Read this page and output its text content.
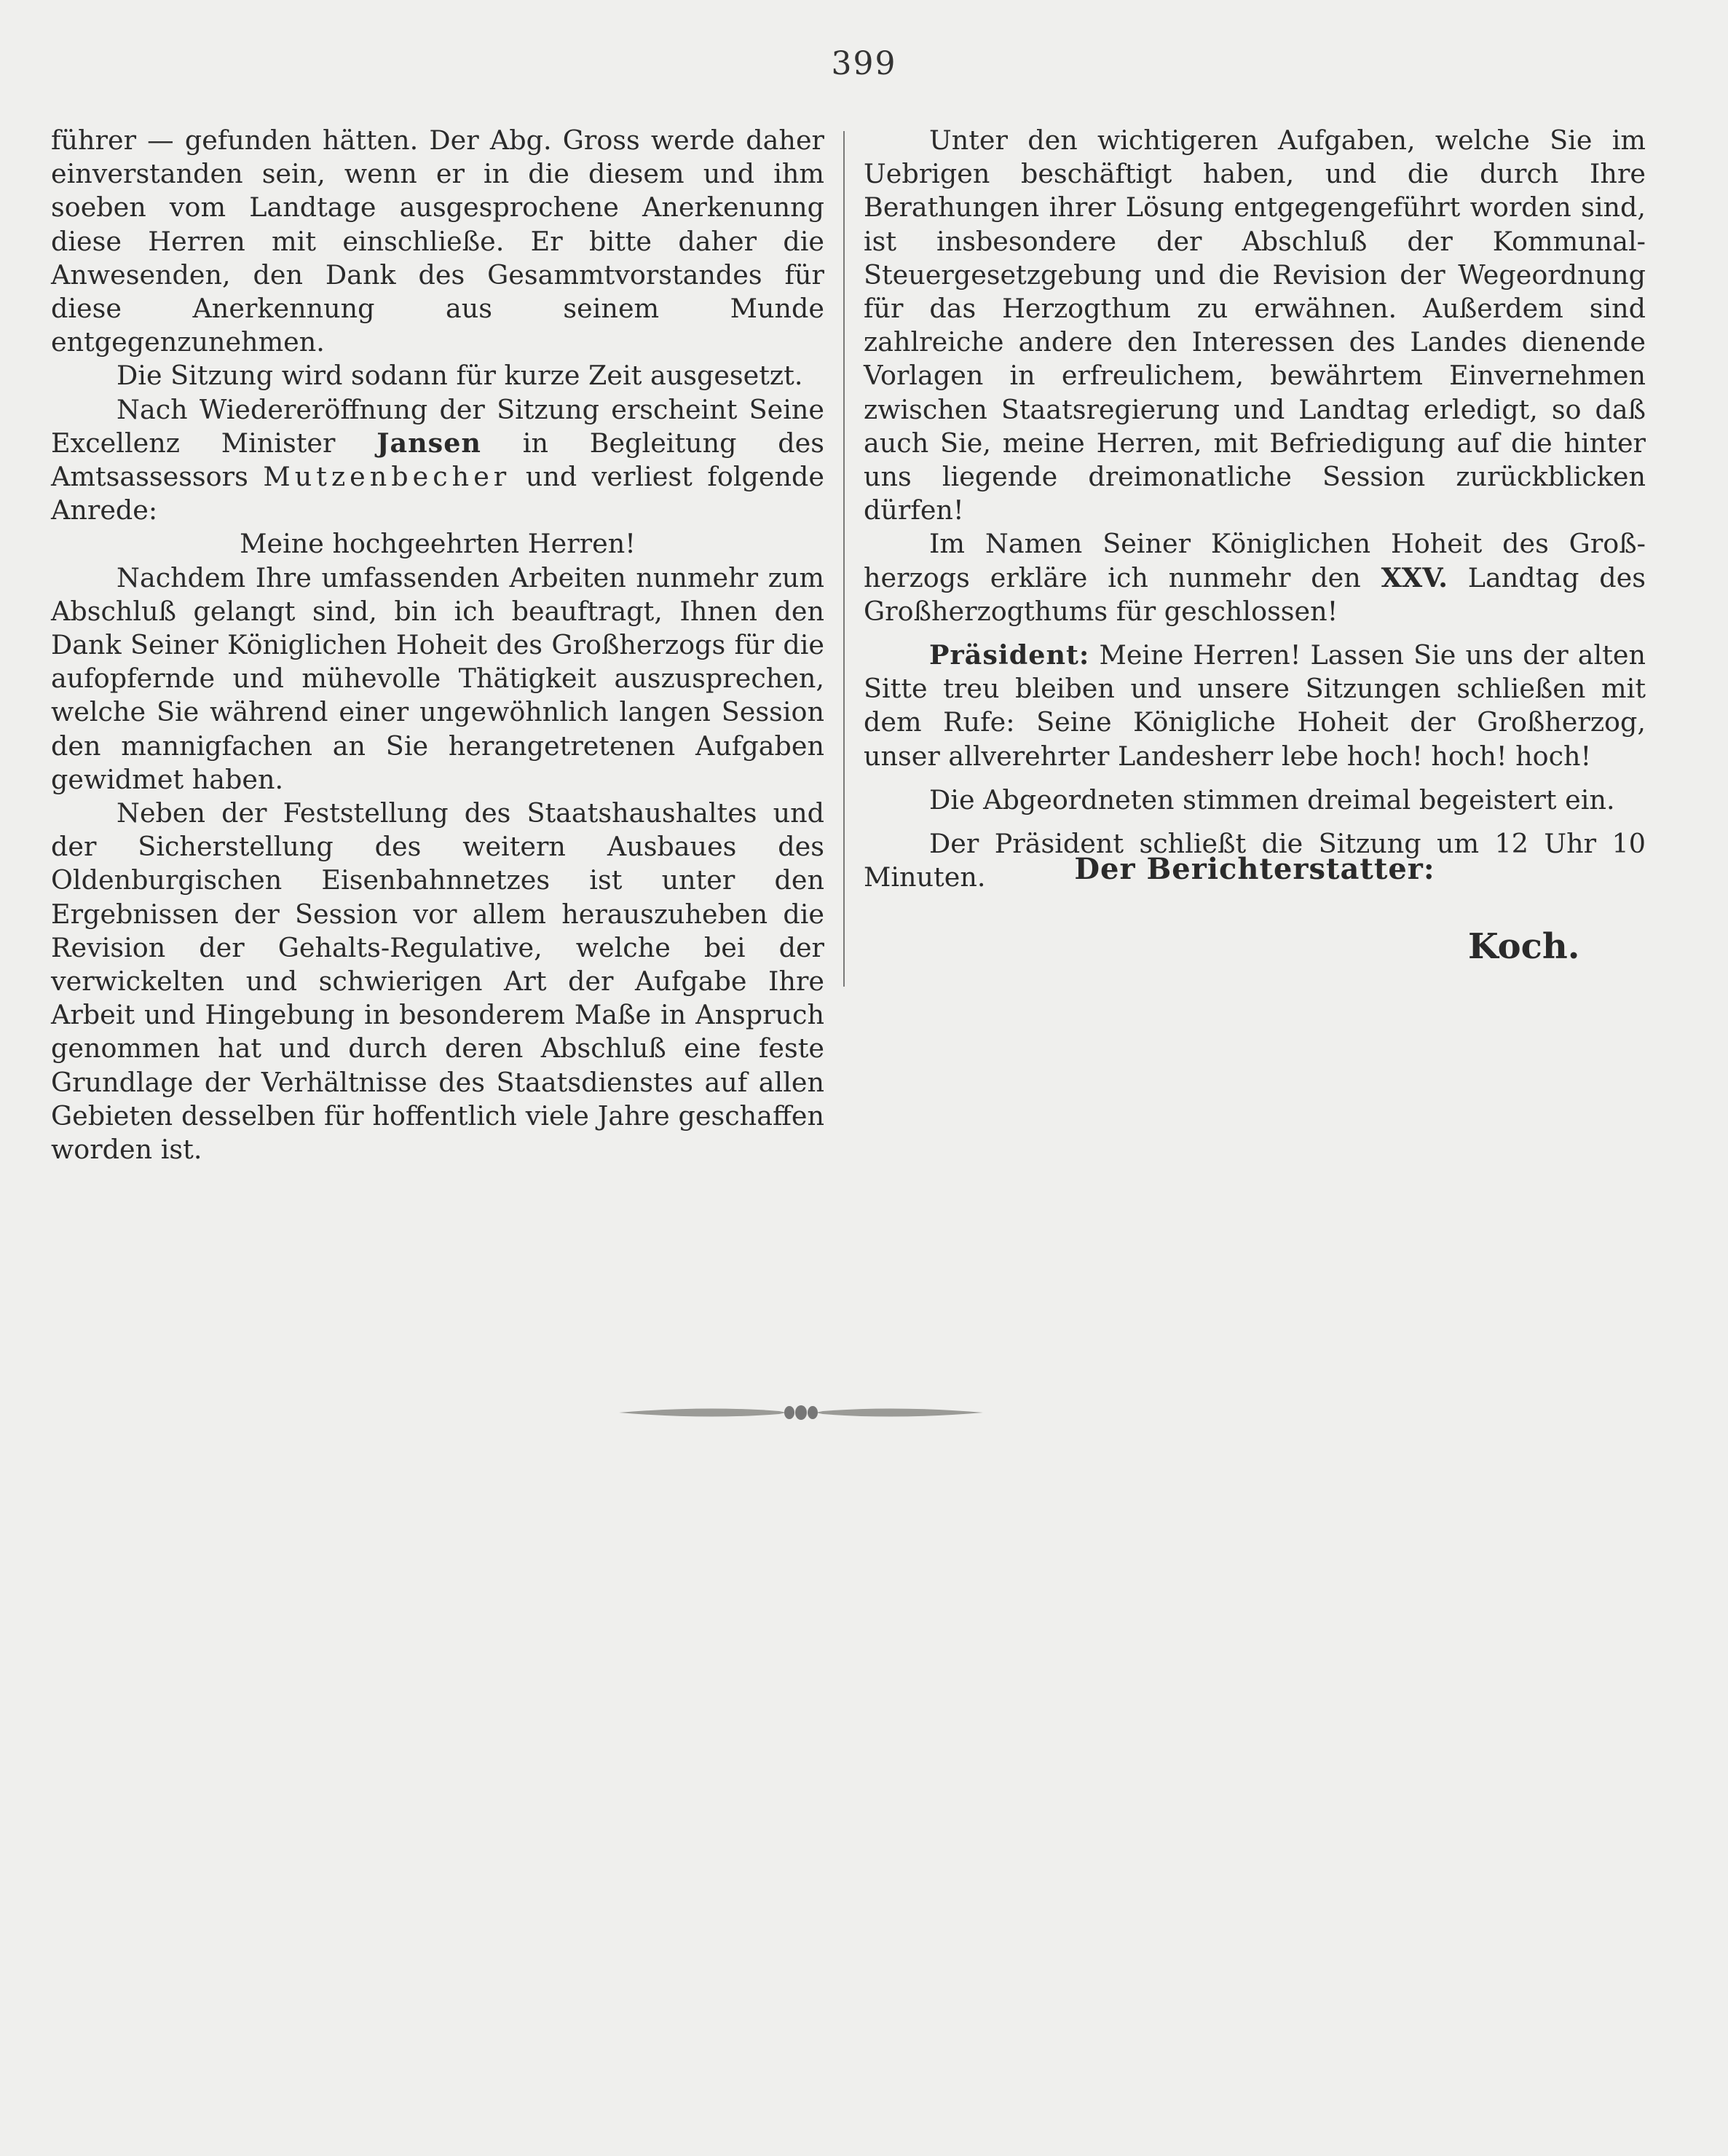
399

führer — gefunden hätten. Der Abg. Gross werde daher einverstanden sein, wenn er in die diesem und ihm soeben vom Landtage ausgesprochene Anerkenunng diese Herren mit einschließe. Er bitte daher die Anwesenden, den Dank des Gesammtvorstandes für diese Anerkennung aus seinem Munde entgegenzunehmen.

Die Sitzung wird sodann für kurze Zeit ausgesetzt.

Nach Wiedereröffnung der Sitzung erscheint Seine Excellenz Minister Jansen in Begleitung des Amtsassessors Mutzenbecher und verliest folgende Anrede:

Meine hochgeehrten Herren!

Nachdem Ihre umfassenden Arbeiten nunmehr zum Abschluß gelangt sind, bin ich beauftragt, Ihnen den Dank Seiner Königlichen Hoheit des Großherzogs für die aufopfernde und mühevolle Thätigkeit auszusprechen, welche Sie während einer ungewöhnlich langen Session den mannigfachen an Sie herangetretenen Aufgaben gewidmet haben.

Neben der Feststellung des Staatshaushaltes und der Sicherstellung des weitern Ausbaues des Oldenburgischen Eisenbahnnetzes ist unter den Ergebnissen der Session vor allem herauszuheben die Revision der Gehalts-Regulative, welche bei der verwickelten und schwierigen Art der Aufgabe Ihre Arbeit und Hingebung in besonderem Maße in Anspruch genommen hat und durch deren Abschluß eine feste Grundlage der Verhältnisse des Staatsdienstes auf allen Gebieten desselben für hoffentlich viele Jahre geschaffen worden ist.

Unter den wichtigeren Aufgaben, welche Sie im Uebrigen beschäftigt haben, und die durch Ihre Berathungen ihrer Lösung entgegengeführt worden sind, ist insbesondere der Abschluß der Kommunal-Steuergesetzgebung und die Revision der Wegeordnung für das Herzogthum zu erwähnen. Außerdem sind zahlreiche andere den Interessen des Landes dienende Vorlagen in erfreulichem, bewährtem Einvernehmen zwischen Staatsregierung und Landtag erledigt, so daß auch Sie, meine Herren, mit Befriedigung auf die hinter uns liegende dreimonatliche Session zurückblicken dürfen!

Im Namen Seiner Königlichen Hoheit des Großherzogs erkläre ich nunmehr den XXV. Landtag des Großherzogthums für geschlossen!

Präsident: Meine Herren! Lassen Sie uns der alten Sitte treu bleiben und unsere Sitzungen schließen mit dem Rufe: Seine Königliche Hoheit der Großherzog, unser allverehrter Landesherr lebe hoch! hoch! hoch!

Die Abgeordneten stimmen dreimal begeistert ein.

Der Präsident schließt die Sitzung um 12 Uhr 10 Minuten.	Der Berichterstatter:
Koch.
